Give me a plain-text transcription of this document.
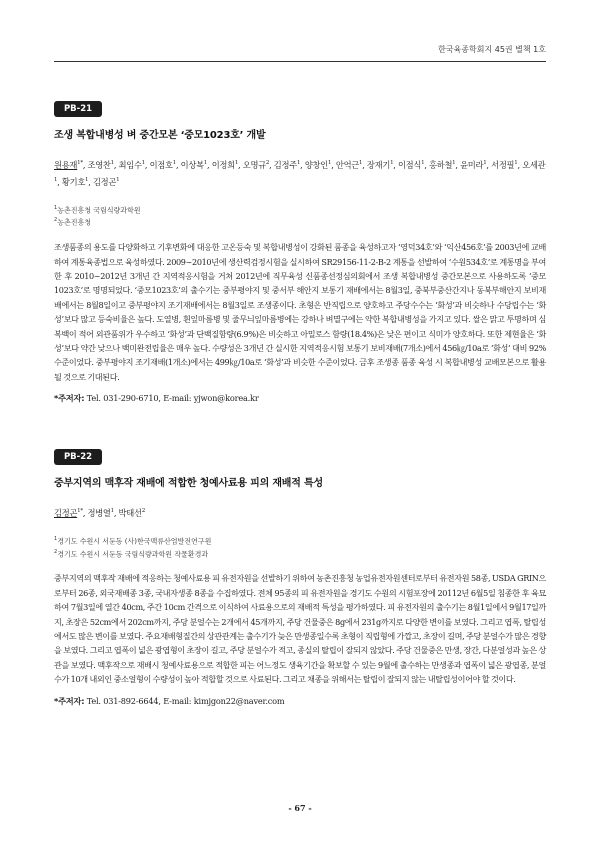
한국육종학회지 45권 별책 1호
PB-21
조생 복합내병성 벼 중간모본 ‘중모1023호’ 개발
원용재$^{1*}$, 조영찬$^1$, 최임수$^1$, 이점호$^1$, 이상복$^1$, 이정희$^1$, 오명규$^2$, 김정주$^1$, 양창인$^1$, 안억근$^1$, 장재기$^1$, 이점식$^1$, 홍하철$^1$, 윤미라$^1$, 서정필$^1$, 오세관$^1$, 황기호$^1$, 김정곤$^1$
$^1$농촌진흥청 국립식량과학원
$^2$농촌진흥청
조생품종의 용도를 다양화하고 기후변화에 대응한 고온등숙 및 복합내병성이 강화된 품종을 육성하고자 ‘영덕34호’와 ‘익산456호’를 2003년에 교배하여 계통육종법으로 육성하였다. 2009∼2010년에 생산력검정시험을 실시하여 SR29156-11-2-B-2 계통을 선발하여 ‘수원534호’로 계통명을 부여한 후 2010∼2012년 3개년 간 지역적응시험을 거쳐 2012년에 직무육성 신품종선정심의회에서 조생 복합내병성 중간모본으로 사용하도록 ‘중모1023호’로 명명되었다. ‘중모1023호’의 출수기는 중부평야지 및 중서부 해안지 보통기 재배에서는 8월3일, 중북부중산간지나 동북부해안지 보비재배에서는 8월8일이고 중부평야지 조기재배에서는 8월3일로 조생종이다. 초형은 반직립으로 양호하고 주당수수는 ‘화성’과 비슷하나 수당립수는 ‘화성’보다 많고 등숙비율은 높다. 도열병, 흰잎마름병 및 줄무늬잎마름병에는 강하나 벼멸구에는 약한 복합내병성을 가지고 있다. 쌀은 맑고 투명하며 심복백이 적어 외관품위가 우수하고 ‘화성’과 단백질함량(6.9%)은 비슷하고 아밀로스 함량(18.4%)은 낮은 편이고 식미가 양호하다. 또한 제현율은 ‘화성’보다 약간 낮으나 백미완전립율은 매우 높다. 수량성은 3개년 간 실시한 지역적응시험 보통기 보비재배(7개소)에서 456㎏/10a로 ‘화성’ 대비 92% 수준이었다. 중부평야지 조기재배(1개소)에서는 499㎏/10a로 ‘화성’과 비슷한 수준이었다. 금후 조생종 품종 육성 시 복합내병성 교배모본으로 활용될 것으로 기대된다.
*주저자: Tel. 031-290-6710, E-mail: yjwon@korea.kr
PB-22
중부지역의 맥후작 재배에 적합한 청예사료용 피의 재배적 특성
김정곤$^{1*}$, 정병열$^1$, 박태선$^2$
$^1$경기도 수원시 서둔동 (사)한국맥류산업발전연구원
$^2$경기도 수원시 서둔동 국립식량과학원 작물환경과
중부지역의 맥후작 재배에 적응하는 청예사료용 피 유전자원을 선발하기 위하여 농촌진흥청 농업유전자원센터로부터 유전자원 58종, USDA GRIN으로부터 26종, 외국재배종 3종, 국내자생종 8종을 수집하였다. 전체 95종의 피 유전자원을 경기도 수원의 시험포장에 20112년 6월5일 침종한 후 육묘하여 7월3일에 열간 40cm, 주간 10cm 간격으로 이식하여 사료용으로의 재배적 특성을 평가하였다. 피 유전자원의 출수기는 8월1일에서 9월17일까지, 초장은 52cm에서 202cm까지, 주당 분얼수는 2개에서 45개까지, 주당 건물중은 8g에서 231g까지로 다양한 변이를 보였다. 그리고 엽폭, 탈립성에서도 많은 변이를 보였다. 주요재배형질간의 상관관계는 출수기가 늦은 만생종일수록 초형이 직립형에 가깝고, 초장이 길며, 주당 분얼수가 많은 경향을 보였다. 그리고 엽폭이 넓은 광엽형이 초장이 길고, 주당 분얼수가 적고, 종실의 탈립이 잘되지 않았다. 주당 건물중은 만생, 장간, 다분얼성과 높은 상관을 보였다. 맥후작으로 재배시 청예사료용으로 적합한 피는 어느정도 생육기간을 확보할 수 있는 9월에 출수하는 만생종과 엽폭이 넓은 광엽종, 분얼수가 10개 내외인 중소얼형이 수량성이 높아 적합할 것으로 사료된다. 그리고 채종을 위해서는 탈립이 잘되지 않는 내탈립성이어야 할 것이다.
*주저자: Tel. 031-892-6644, E-mail: kimjgon22@naver.com
- 67 -
